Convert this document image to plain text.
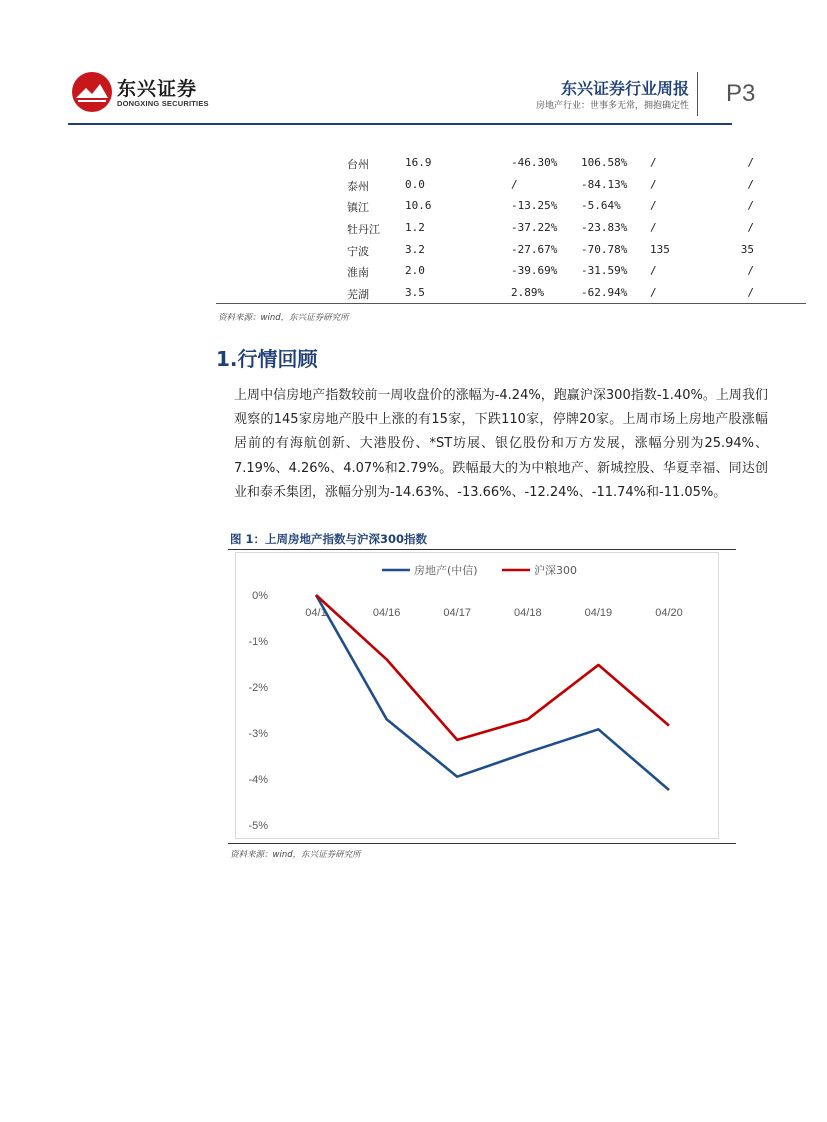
东兴证券
DONGXING SECURITIES
东兴证券行业周报
房地产行业：世事多无常，拥抱确定性 P3
台州	16.9	-46.30% 106.58% /	/
泰州	0.0	/	-84.13% /	/
镇江	10.6	-13.25% -5.64%	/	/
牡丹江 1.2	-37.22% -23.83% /	/
宁波	3.2	-27.67% -70.78% 135	35
淮南	2.0	-39.69% -31.59% /	/
芜湖	3.5	2.89%	-62.94% /	/
资料来源：wind，东兴证券研究所
1.行情回顾
上周中信房地产指数较前一周收盘价的涨幅为-4.24%，跑赢沪深300指数-1.40%。上周我们观察的145家房地产股中上涨的有15家，下跌110家，停牌20家。上周市场上房地产股涨幅居前的有海航创新、大港股份、*ST坊展、银亿股份和万方发展，涨幅分别为25.94%、7.19%、4.26%、4.07%和2.79%。跌幅最大的为中粮地产、新城控股、华夏幸福、同达创业和泰禾集团，涨幅分别为-14.63%、-13.66%、-12.24%、-11.74%和-11.05%。
图 1：上周房地产指数与沪深300指数
0%
-1%
-2%
-3%
-4%
-5%
04/1	04/16	04/17	04/18	04/19	04/20
房地产(中信)	沪深300
资料来源：wind，东兴证券研究所
